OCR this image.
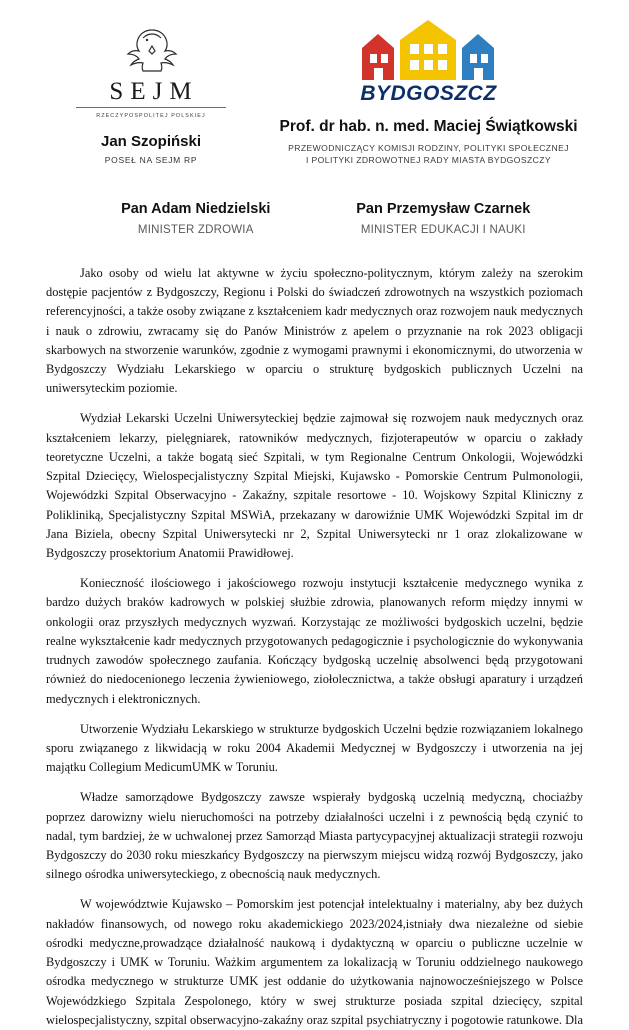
SEJM
RZECZYPOSPOLITEJ POLSKIEJ
Jan Szopiński
POSEŁ NA SEJM RP
BYDGOSZCZ
Prof. dr hab. n. med. Maciej Świątkowski
PRZEWODNICZĄCY KOMISJI RODZINY, POLITYKI SPOŁECZNEJ
I POLITYKI ZDROWOTNEJ RADY MIASTA BYDGOSZCZY
Pan Adam Niedzielski
MINISTER ZDROWIA
Pan Przemysław Czarnek
MINISTER EDUKACJI I NAUKI

Jako osoby od wielu lat aktywne w życiu społeczno-politycznym, którym zależy na szerokim dostępie pacjentów z Bydgoszczy, Regionu i Polski do świadczeń zdrowotnych na wszystkich poziomach referencyjności, a także osoby związane z kształceniem kadr medycznych oraz rozwojem nauk medycznych i nauk o zdrowiu, zwracamy się do Panów Ministrów z apelem o przyznanie na rok 2023 obligacji skarbowych na stworzenie warunków, zgodnie z wymogami prawnymi i ekonomicznymi, do utworzenia w Bydgoszczy Wydziału Lekarskiego w oparciu o strukturę bydgoskich publicznych Uczelni na uniwersyteckim poziomie.

Wydział Lekarski Uczelni Uniwersyteckiej będzie zajmował się rozwojem nauk medycznych oraz kształceniem lekarzy, pielęgniarek, ratowników medycznych, fizjoterapeutów w oparciu o zakłady teoretyczne Uczelni, a także bogatą sieć Szpitali, w tym Regionalne Centrum Onkologii, Wojewódzki Szpital Dziecięcy, Wielospecjalistyczny Szpital Miejski, Kujawsko - Pomorskie Centrum Pulmonologii, Wojewódzki Szpital Obserwacyjno - Zakaźny, szpitale resortowe - 10. Wojskowy Szpital Kliniczny z Polikliniką, Specjalistyczny Szpital MSWiA, przekazany w darowiźnie UMK Wojewódzki Szpital im dr Jana Biziela, obecny Szpital Uniwersytecki nr 2, Szpital Uniwersytecki nr 1 oraz zlokalizowane w Bydgoszczy prosektorium Anatomii Prawidłowej.

Konieczność ilościowego i jakościowego rozwoju instytucji kształcenie medycznego wynika z bardzo dużych braków kadrowych w polskiej służbie zdrowia, planowanych reform między innymi w onkologii oraz przyszłych medycznych wyzwań. Korzystając ze możliwości bydgoskich uczelni, będzie realne wykształcenie kadr medycznych przygotowanych pedagogicznie i psychologicznie do wykonywania trudnych zawodów społecznego zaufania. Kończący bydgoską uczelnię absolwenci będą przygotowani również do niedocenionego leczenia żywieniowego, ziołolecznictwa, a także obsługi aparatury i urządzeń medycznych i elektronicznych.

Utworzenie Wydziału Lekarskiego w strukturze bydgoskich Uczelni będzie rozwiązaniem lokalnego sporu związanego z likwidacją w roku 2004 Akademii Medycznej w Bydgoszczy i utworzenia na jej majątku Collegium MedicumUMK w Toruniu.

Władze samorządowe Bydgoszczy zawsze wspierały bydgoską uczelnią medyczną, chociażby poprzez darowizny wielu nieruchomości na potrzeby działalności uczelni i z pewnością będą czynić to nadal, tym bardziej, że w uchwalonej przez Samorząd Miasta partycypacyjnej aktualizacji strategii rozwoju Bydgoszczy do 2030 roku mieszkańcy Bydgoszczy na pierwszym miejscu widzą rozwój Bydgoszczy, jako silnego ośrodka uniwersyteckiego, z obecnością nauk medycznych.

W województwie Kujawsko – Pomorskim jest potencjał intelektualny i materialny, aby bez dużych nakładów finansowych, od nowego roku akademickiego 2023/2024,istniały dwa niezależne od siebie ośrodki medyczne,prowadzące działalność naukową i dydaktyczną w oparciu o publiczne uczelnie w Bydgoszczy i UMK w Toruniu. Ważkim argumentem za lokalizacją w Toruniu oddzielnego naukowego ośrodka medycznego w strukturze UMK jest oddanie do użytkowania najnowocześniejszego w Polsce Wojewódzkiego Szpitala Zespolonego, który w swej strukturze posiada szpital dziecięcy, szpital wielospecjalistyczny, szpital obserwacyjno-zakaźny oraz szpital psychiatryczny i pogotowie ratunkowe. Dla
